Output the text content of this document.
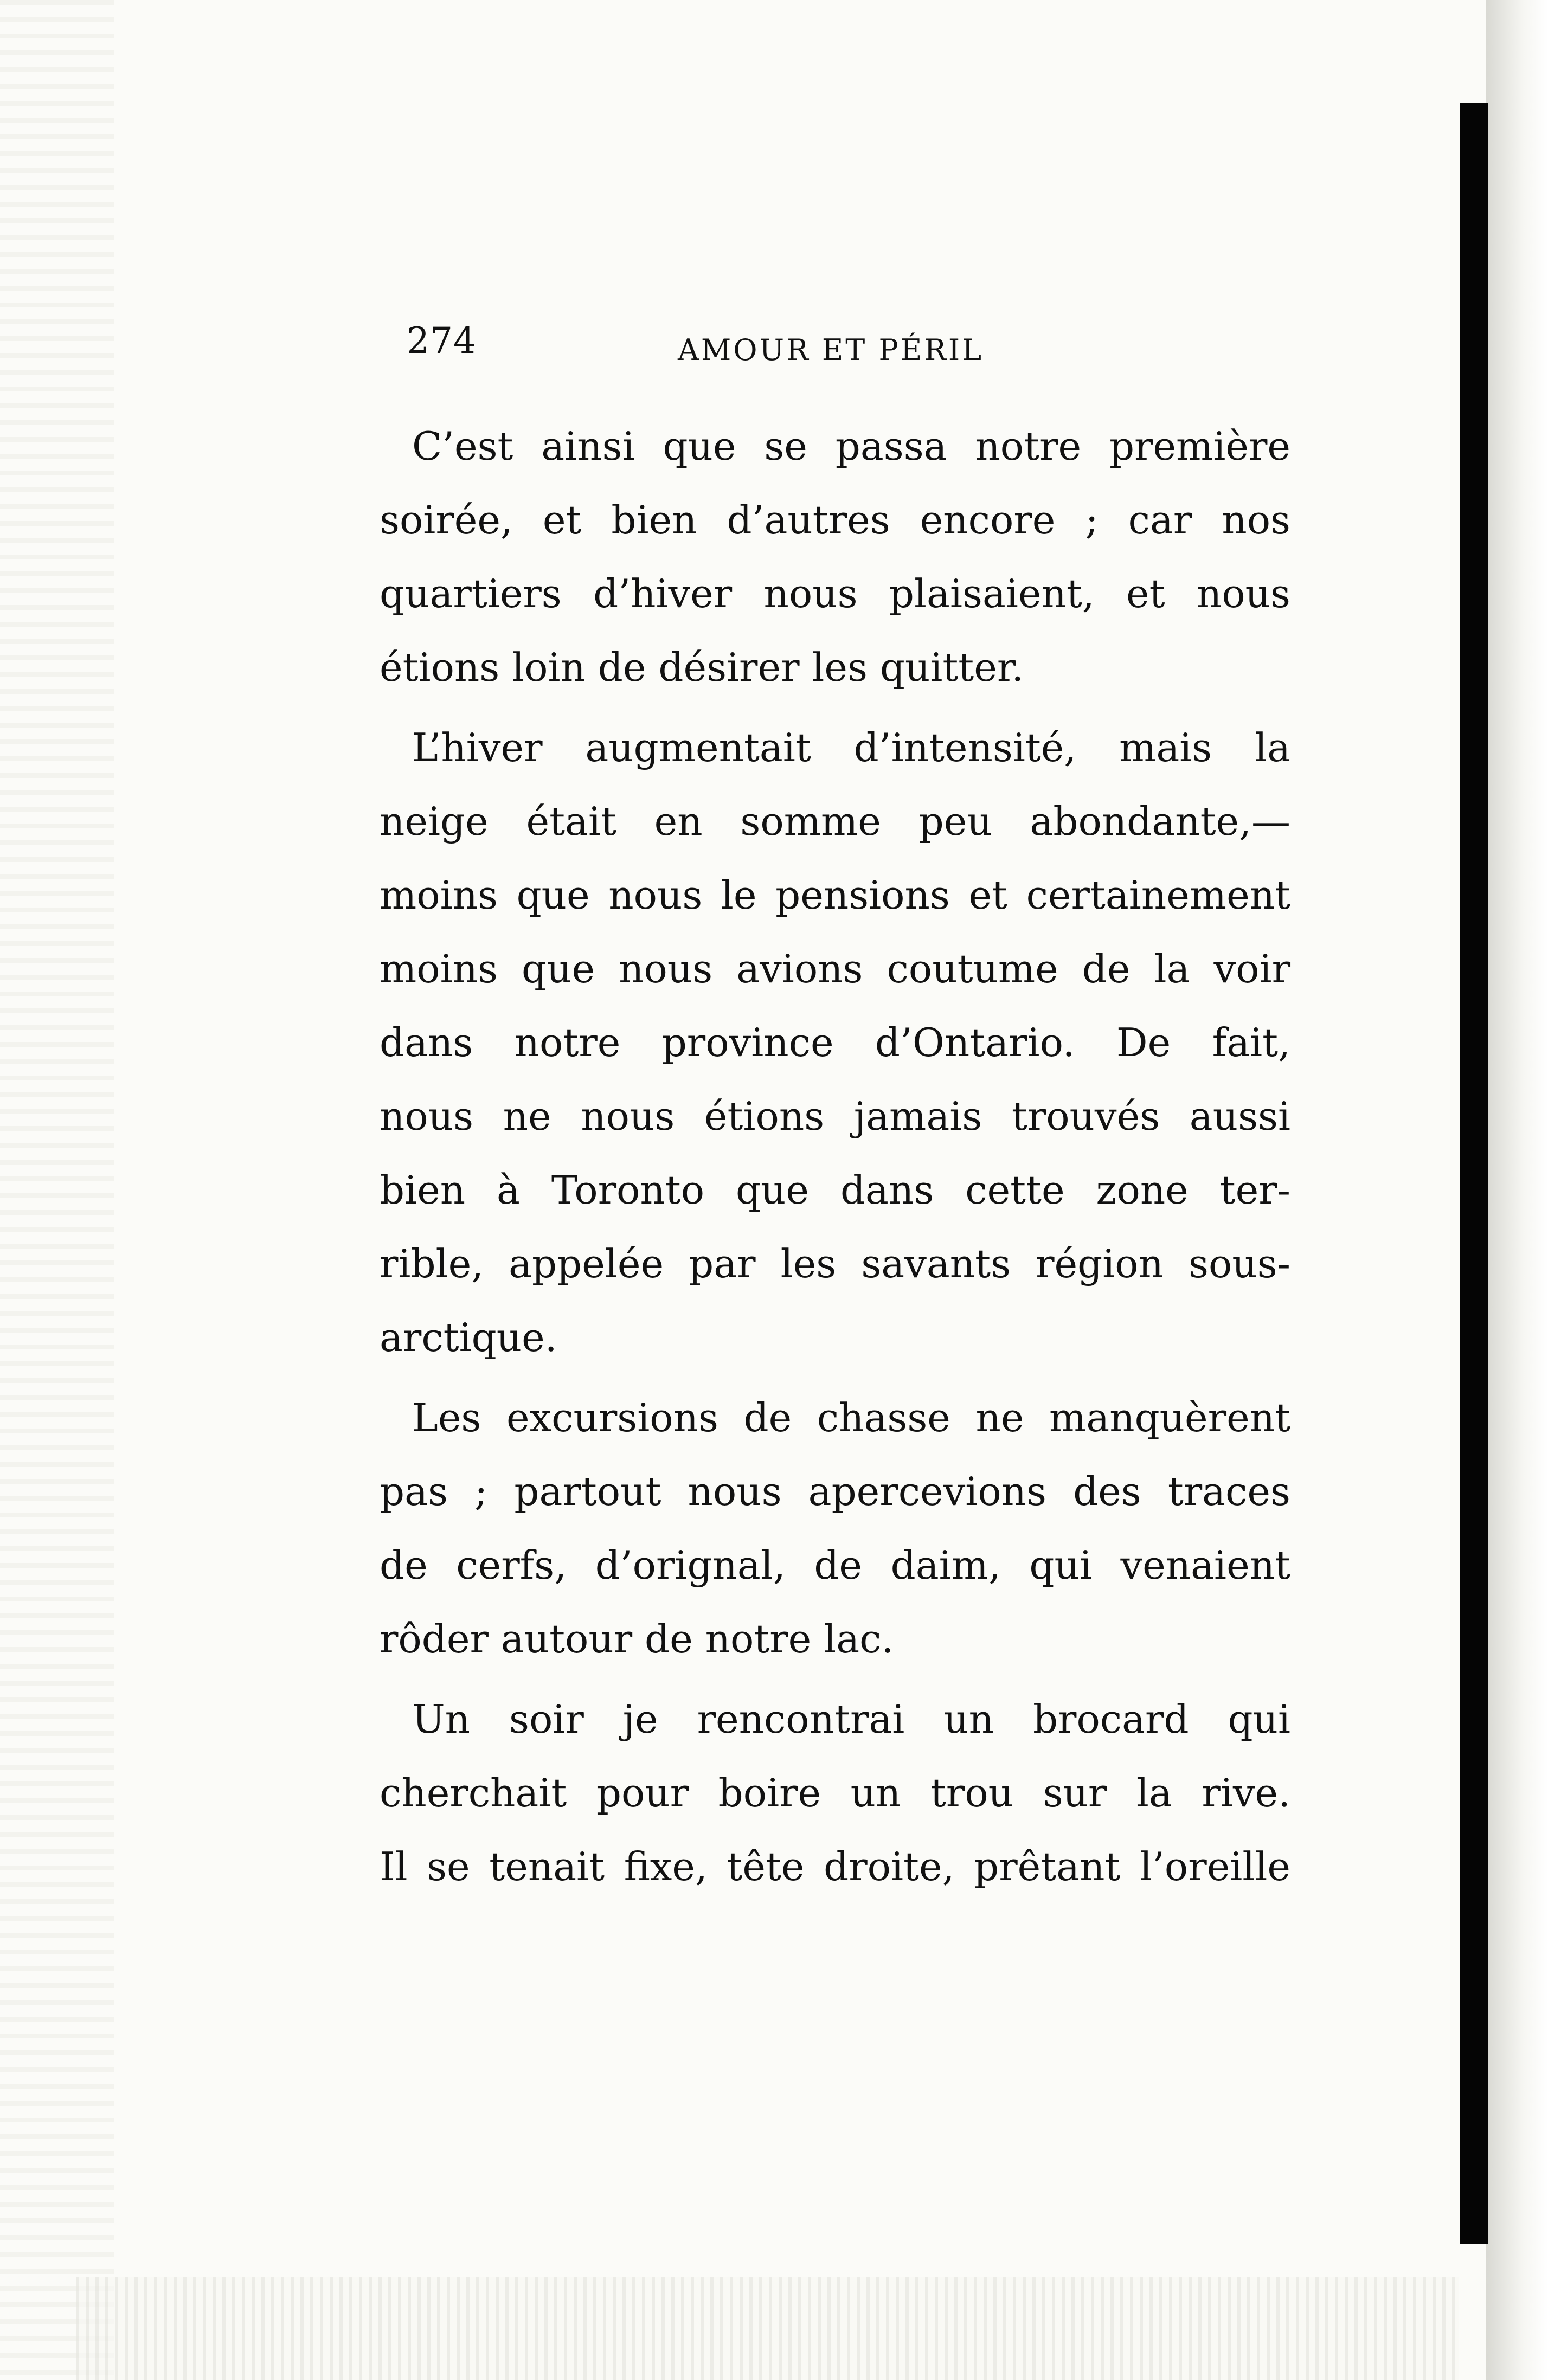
274	AMOUR ET PÉRIL
C’est ainsi que se passa notre première
soirée, et bien d’autres encore ; car nos
quartiers d’hiver nous plaisaient, et nous
étions loin de désirer les quitter.
L’hiver augmentait d’intensité, mais la
neige était en somme peu abondante,—
moins que nous le pensions et certainement
moins que nous avions coutume de la voir
dans notre province d’Ontario. De fait,
nous ne nous étions jamais trouvés aussi
bien à Toronto que dans cette zone ter-
rible, appelée par les savants région sous-
arctique.
Les excursions de chasse ne manquèrent
pas ; partout nous apercevions des traces
de cerfs, d’orignal, de daim, qui venaient
rôder autour de notre lac.
Un soir je rencontrai un brocard qui
cherchait pour boire un trou sur la rive.
Il se tenait fixe, tête droite, prêtant l’oreille
